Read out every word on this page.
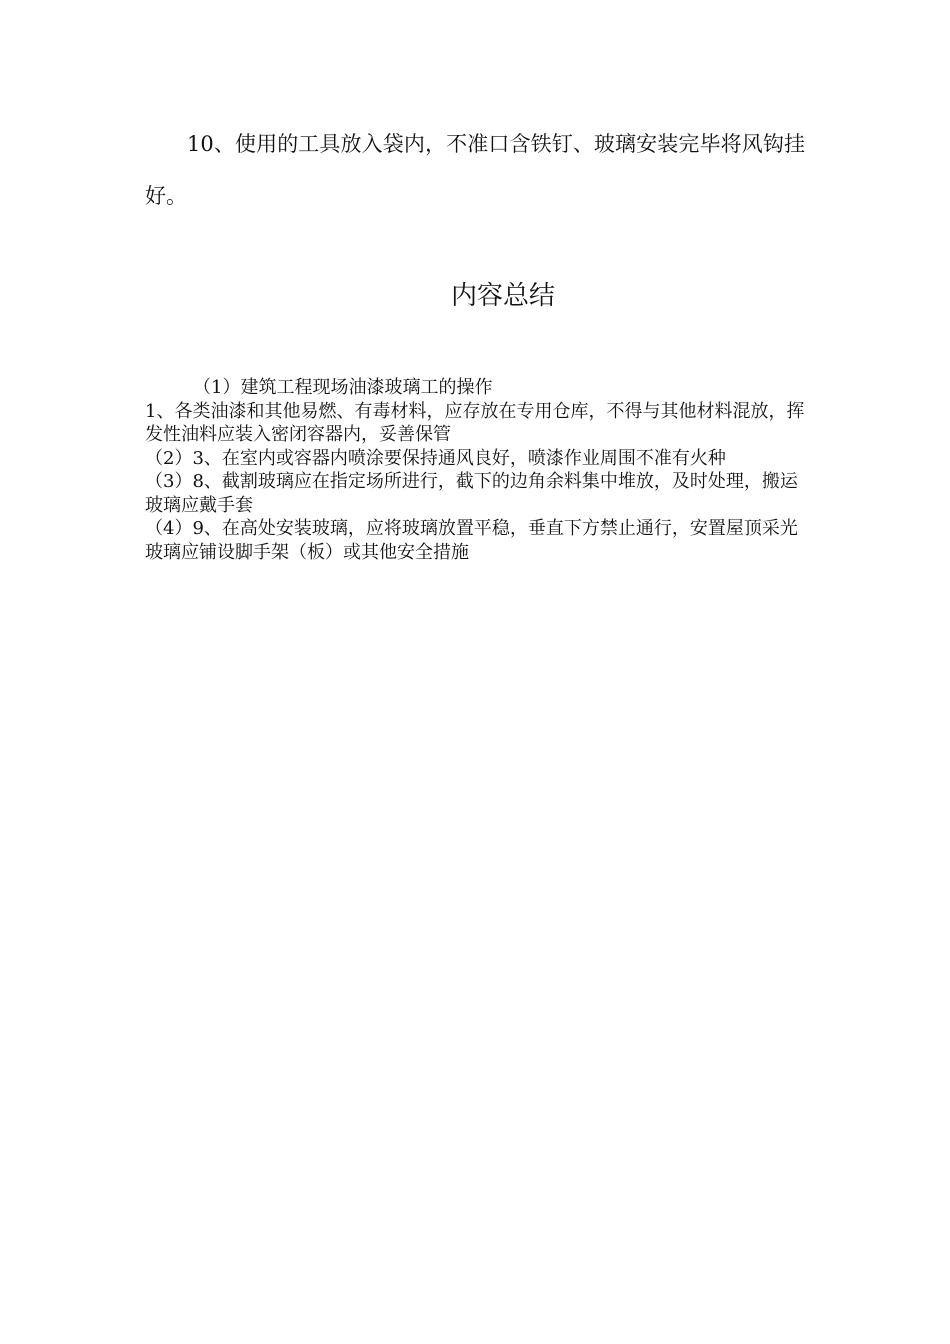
10、使用的工具放入袋内，不准口含铁钉、玻璃安装完毕将风钩挂好。

内容总结

（1）建筑工程现场油漆玻璃工的操作

1、各类油漆和其他易燃、有毒材料，应存放在专用仓库，不得与其他材料混放，挥发性油料应装入密闭容器内，妥善保管

（2）3、在室内或容器内喷涂要保持通风良好，喷漆作业周围不准有火种

（3）8、截割玻璃应在指定场所进行，截下的边角余料集中堆放，及时处理，搬运玻璃应戴手套

（4）9、在高处安装玻璃，应将玻璃放置平稳，垂直下方禁止通行，安置屋顶采光玻璃应铺设脚手架（板）或其他安全措施
